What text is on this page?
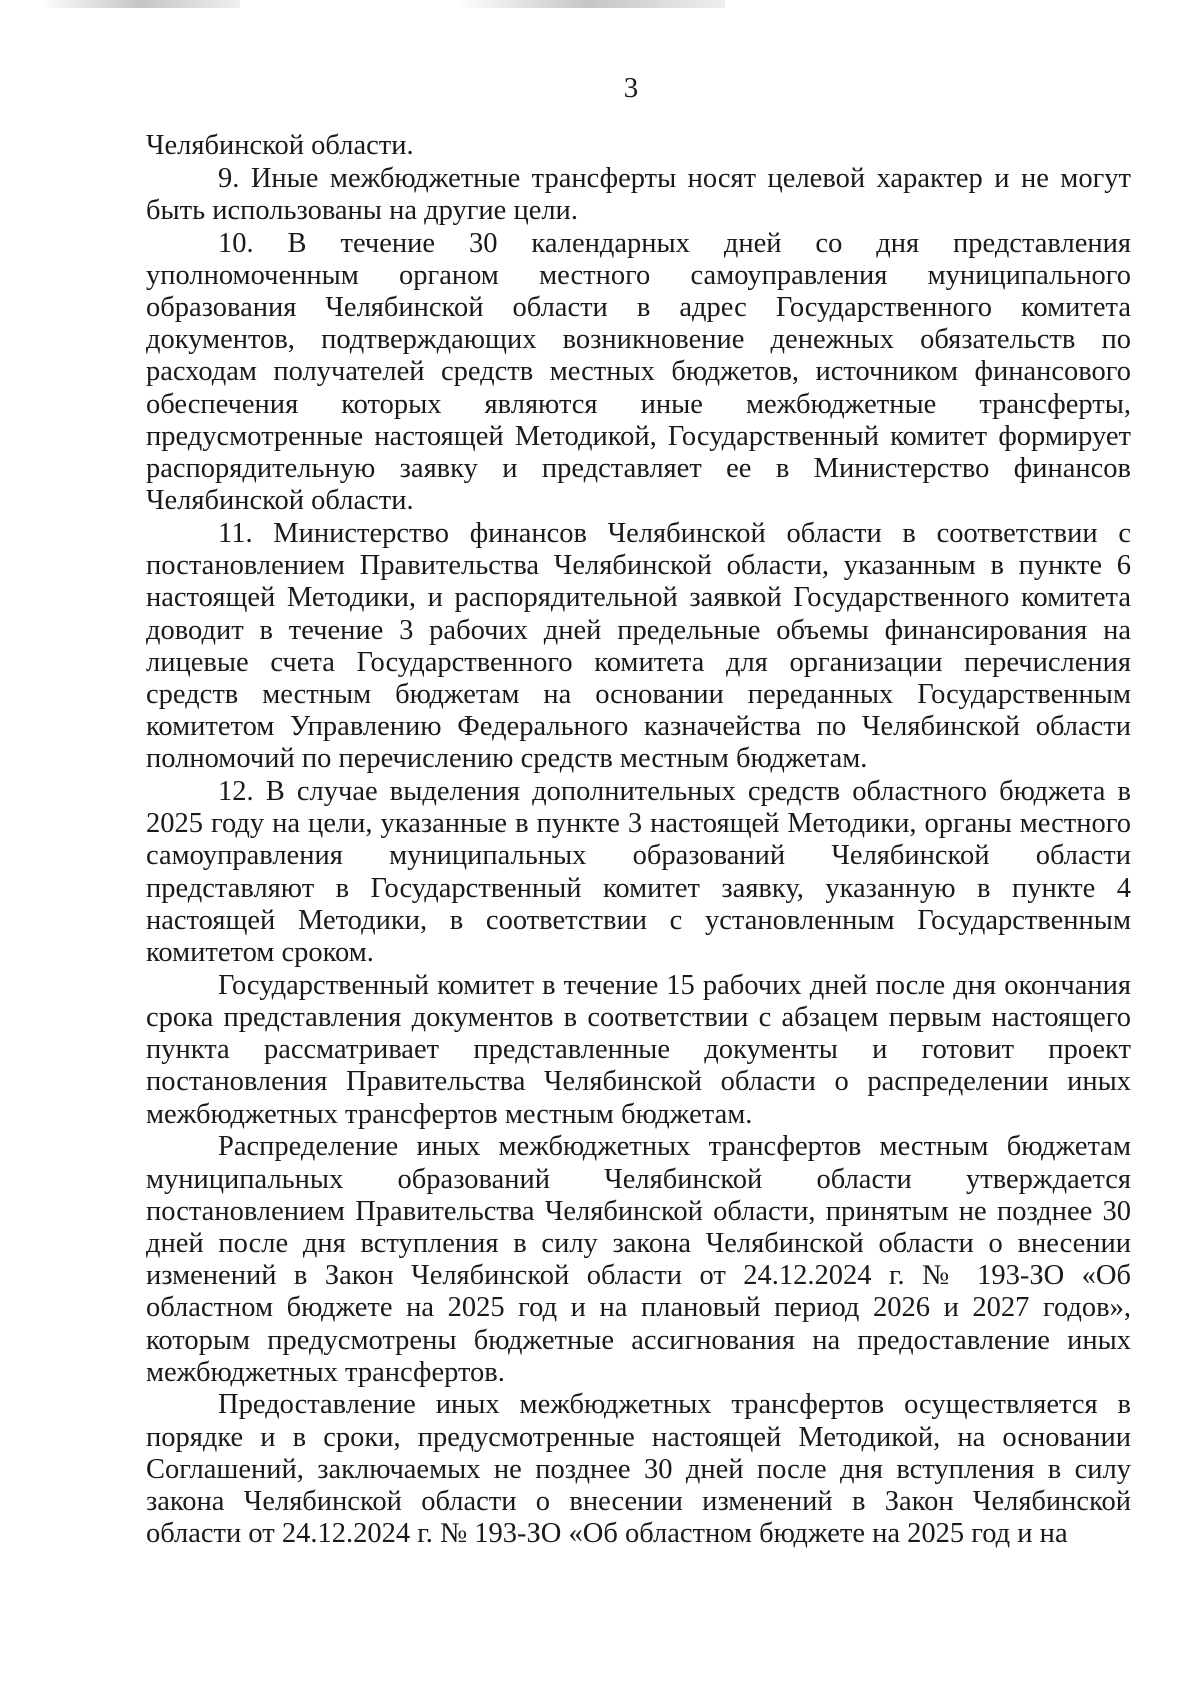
3

Челябинской области.

9. Иные межбюджетные трансферты носят целевой характер и не могут быть использованы на другие цели.

10. В течение 30 календарных дней со дня представления уполномоченным органом местного самоуправления муниципального образования Челябинской области в адрес Государственного комитета документов, подтверждающих возникновение денежных обязательств по расходам получателей средств местных бюджетов, источником финансового обеспечения которых являются иные межбюджетные трансферты, предусмотренные настоящей Методикой, Государственный комитет формирует распорядительную заявку и представляет ее в Министерство финансов Челябинской области.

11. Министерство финансов Челябинской области в соответствии с постановлением Правительства Челябинской области, указанным в пункте 6 настоящей Методики, и распорядительной заявкой Государственного комитета доводит в течение 3 рабочих дней предельные объемы финансирования на лицевые счета Государственного комитета для организации перечисления средств местным бюджетам на основании переданных Государственным комитетом Управлению Федерального казначейства по Челябинской области полномочий по перечислению средств местным бюджетам.

12. В случае выделения дополнительных средств областного бюджета в 2025 году на цели, указанные в пункте 3 настоящей Методики, органы местного самоуправления муниципальных образований Челябинской области представляют в Государственный комитет заявку, указанную в пункте 4 настоящей Методики, в соответствии с установленным Государственным комитетом сроком.

Государственный комитет в течение 15 рабочих дней после дня окончания срока представления документов в соответствии с абзацем первым настоящего пункта рассматривает представленные документы и готовит проект постановления Правительства Челябинской области о распределении иных межбюджетных трансфертов местным бюджетам.

Распределение иных межбюджетных трансфертов местным бюджетам муниципальных образований Челябинской области утверждается постановлением Правительства Челябинской области, принятым не позднее 30 дней после дня вступления в силу закона Челябинской области о внесении изменений в Закон Челябинской области от 24.12.2024 г. № 193-ЗО «Об областном бюджете на 2025 год и на плановый период 2026 и 2027 годов», которым предусмотрены бюджетные ассигнования на предоставление иных межбюджетных трансфертов.

Предоставление иных межбюджетных трансфертов осуществляется в порядке и в сроки, предусмотренные настоящей Методикой, на основании Соглашений, заключаемых не позднее 30 дней после дня вступления в силу закона Челябинской области о внесении изменений в Закон Челябинской области от 24.12.2024 г. № 193-ЗО «Об областном бюджете на 2025 год и на
